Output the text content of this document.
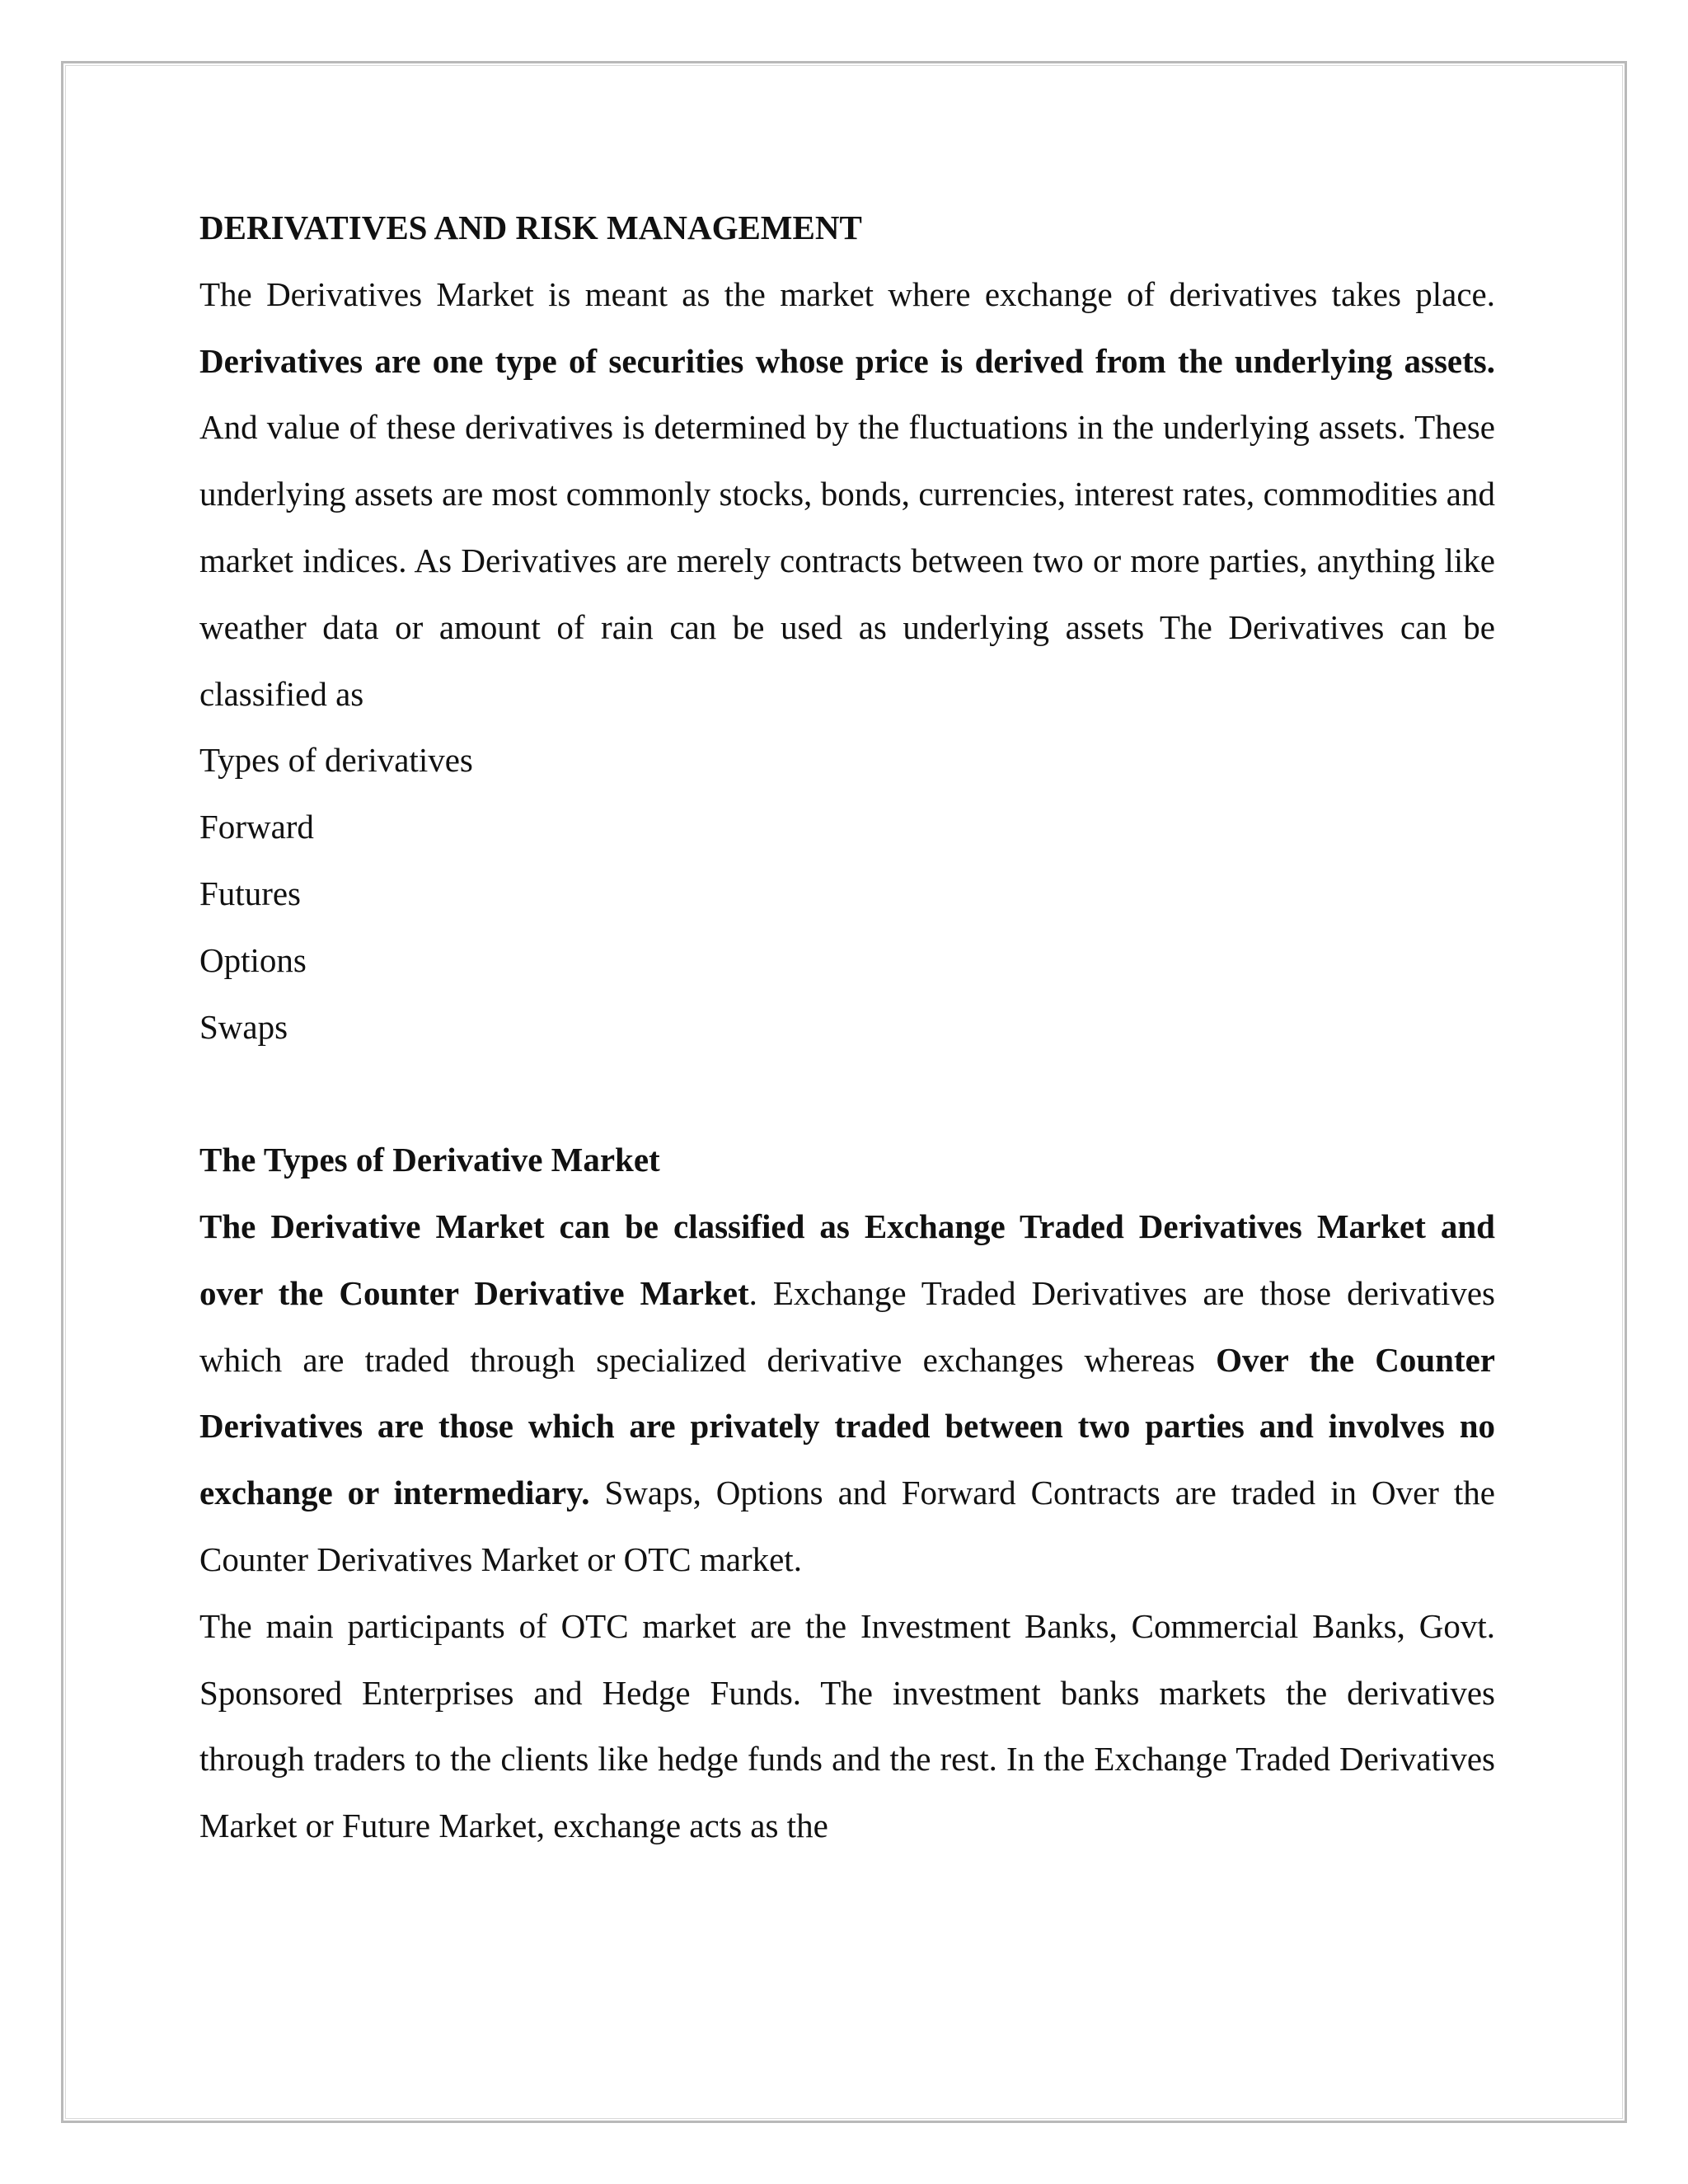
DERIVATIVES AND RISK MANAGEMENT

The Derivatives Market is meant as the market where exchange of derivatives takes place. Derivatives are one type of securities whose price is derived from the underlying assets. And value of these derivatives is determined by the fluctuations in the underlying assets. These underlying assets are most commonly stocks, bonds, currencies, interest rates, commodities and market indices. As Derivatives are merely contracts between two or more parties, anything like weather data or amount of rain can be used as underlying assets The Derivatives can be classified as

Types of derivatives

Forward

Futures

Options

Swaps

The Types of Derivative Market

The Derivative Market can be classified as Exchange Traded Derivatives Market and over the Counter Derivative Market. Exchange Traded Derivatives are those derivatives which are traded through specialized derivative exchanges whereas Over the Counter Derivatives are those which are privately traded between two parties and involves no exchange or intermediary. Swaps, Options and Forward Contracts are traded in Over the Counter Derivatives Market or OTC market.

The main participants of OTC market are the Investment Banks, Commercial Banks, Govt. Sponsored Enterprises and Hedge Funds. The investment banks markets the derivatives through traders to the clients like hedge funds and the rest. In the Exchange Traded Derivatives Market or Future Market, exchange acts as the
